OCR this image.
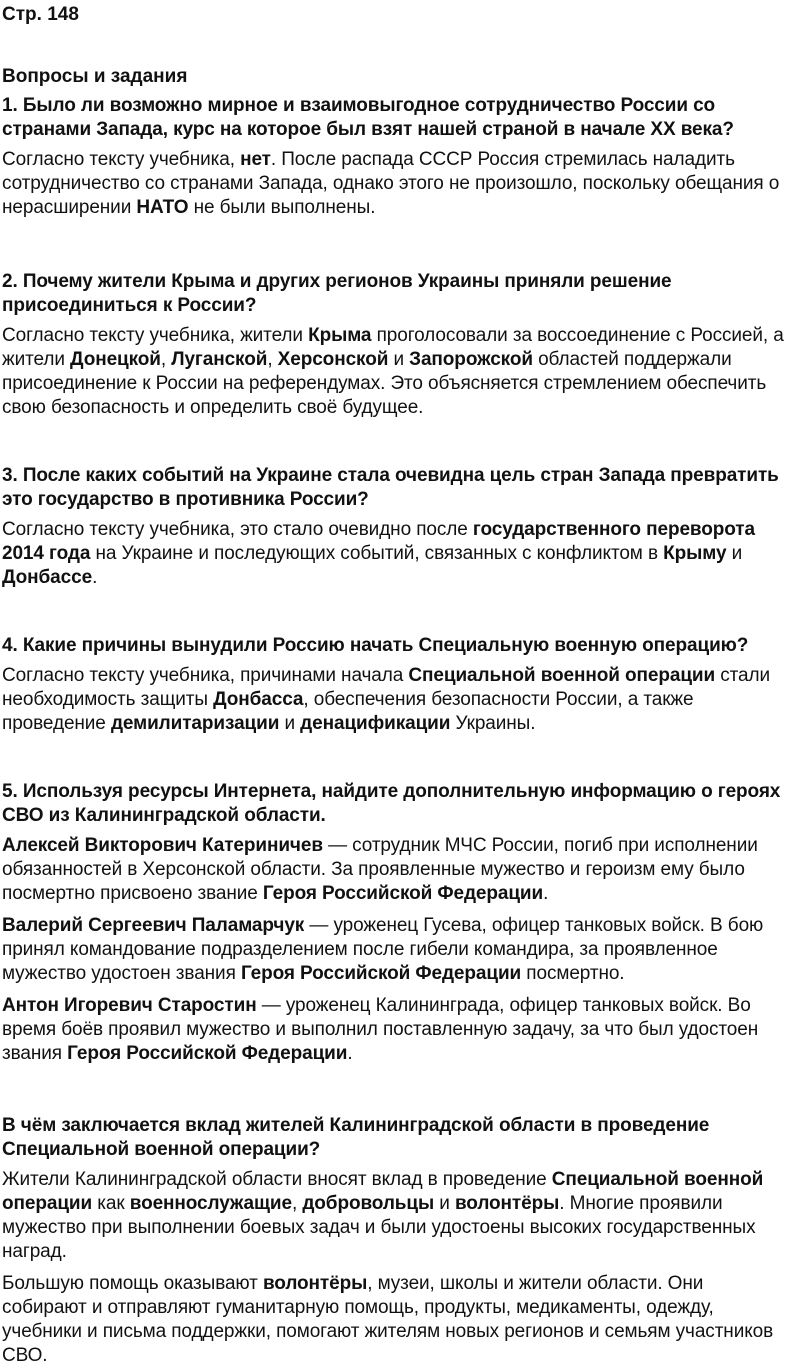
Стр. 148
Вопросы и задания
1. Было ли возможно мирное и взаимовыгодное сотрудничество России со странами Запада, курс на которое был взят нашей страной в начале XX века?
Согласно тексту учебника, нет. После распада СССР Россия стремилась наладить сотрудничество со странами Запада, однако этого не произошло, поскольку обещания о нерасширении НАТО не были выполнены.
2. Почему жители Крыма и других регионов Украины приняли решение присоединиться к России?
Согласно тексту учебника, жители Крыма проголосовали за воссоединение с Россией, а жители Донецкой, Луганской, Херсонской и Запорожской областей поддержали присоединение к России на референдумах. Это объясняется стремлением обеспечить свою безопасность и определить своё будущее.
3. После каких событий на Украине стала очевидна цель стран Запада превратить это государство в противника России?
Согласно тексту учебника, это стало очевидно после государственного переворота 2014 года на Украине и последующих событий, связанных с конфликтом в Крыму и Донбассе.
4. Какие причины вынудили Россию начать Специальную военную операцию?
Согласно тексту учебника, причинами начала Специальной военной операции стали необходимость защиты Донбасса, обеспечения безопасности России, а также проведение демилитаризации и денацификации Украины.
5. Используя ресурсы Интернета, найдите дополнительную информацию о героях СВО из Калининградской области.
Алексей Викторович Катериничев — сотрудник МЧС России, погиб при исполнении обязанностей в Херсонской области. За проявленные мужество и героизм ему было посмертно присвоено звание Героя Российской Федерации.
Валерий Сергеевич Паламарчук — уроженец Гусева, офицер танковых войск. В бою принял командование подразделением после гибели командира, за проявленное мужество удостоен звания Героя Российской Федерации посмертно.
Антон Игоревич Старостин — уроженец Калининграда, офицер танковых войск. Во время боёв проявил мужество и выполнил поставленную задачу, за что был удостоен звания Героя Российской Федерации.
В чём заключается вклад жителей Калининградской области в проведение Специальной военной операции?
Жители Калининградской области вносят вклад в проведение Специальной военной операции как военнослужащие, добровольцы и волонтёры. Многие проявили мужество при выполнении боевых задач и были удостоены высоких государственных наград.
Большую помощь оказывают волонтёры, музеи, школы и жители области. Они собирают и отправляют гуманитарную помощь, продукты, медикаменты, одежду, учебники и письма поддержки, помогают жителям новых регионов и семьям участников СВО.
